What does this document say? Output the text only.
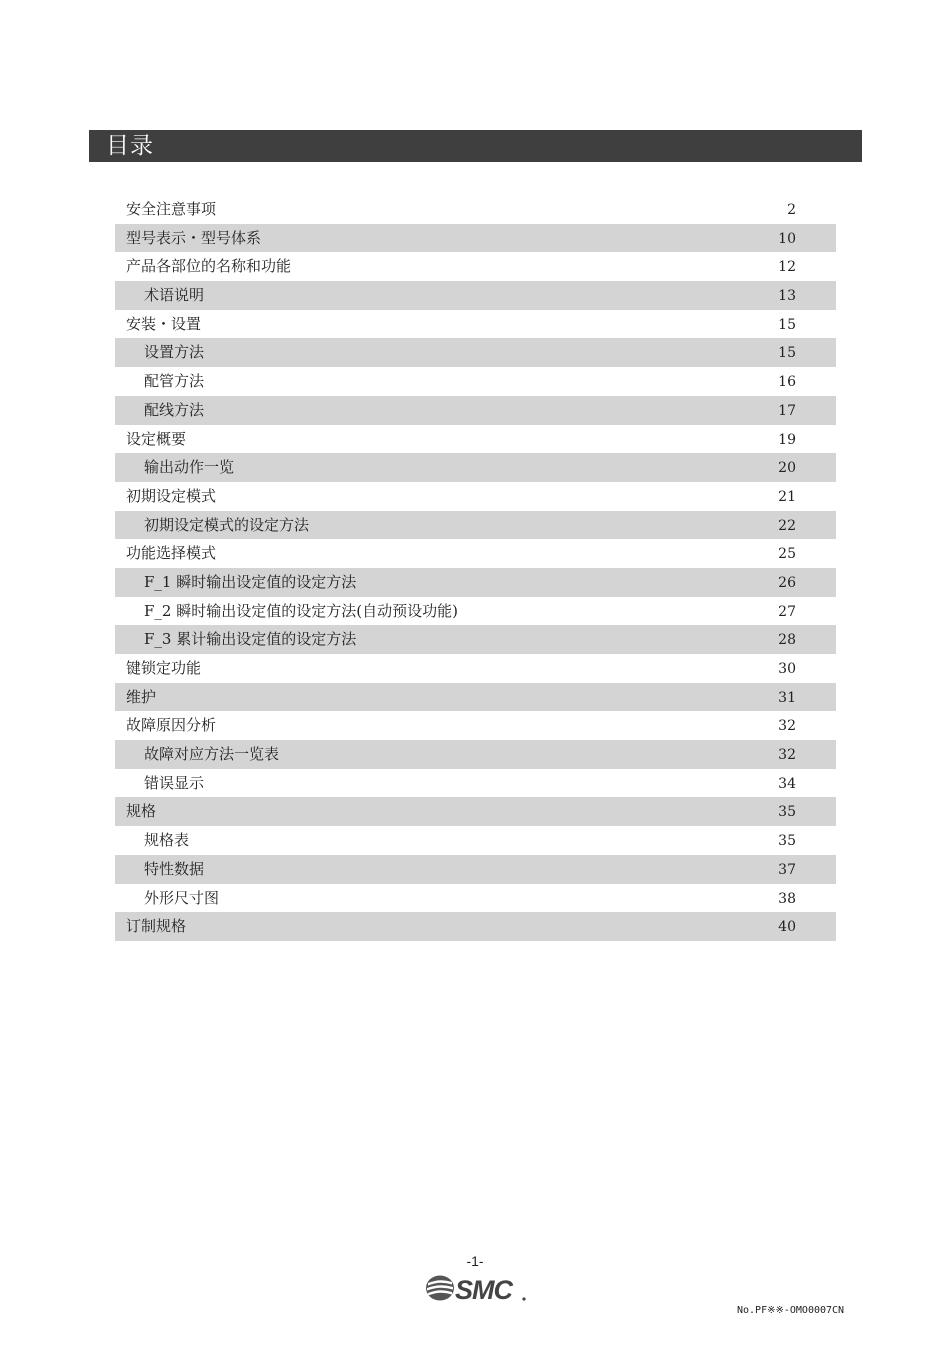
目录
安全注意事项	2
型号表示・型号体系	10
产品各部位的名称和功能	12
术语说明	13
安装・设置	15
设置方法	15
配管方法	16
配线方法	17
设定概要	19
输出动作一览	20
初期设定模式	21
初期设定模式的设定方法	22
功能选择模式	25
F_1 瞬时输出设定值的设定方法	26
F_2 瞬时输出设定值的设定方法(自动预设功能)	27
F_3 累计输出设定值的设定方法	28
键锁定功能	30
维护	31
故障原因分析	32
故障对应方法一览表	32
错误显示	34
规格	35
规格表	35
特性数据	37
外形尺寸图	38
订制规格	40
-1-
SMC
No.PF※※-OMO0007CN
